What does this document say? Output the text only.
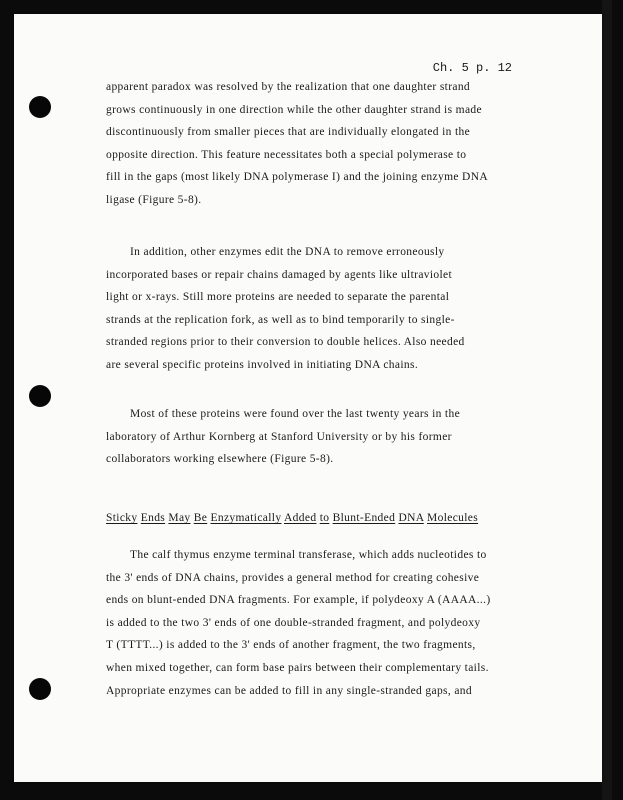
Ch. 5 p. 12

apparent paradox was resolved by the realization that one daughter strand
grows continuously in one direction while the other daughter strand is made
discontinuously from smaller pieces that are individually elongated in the
opposite direction. This feature necessitates both a special polymerase to
fill in the gaps (most likely DNA polymerase I) and the joining enzyme DNA
ligase (Figure 5-8).
In addition, other enzymes edit the DNA to remove erroneously
incorporated bases or repair chains damaged by agents like ultraviolet
light or x-rays. Still more proteins are needed to separate the parental
strands at the replication fork, as well as to bind temporarily to single-
stranded regions prior to their conversion to double helices. Also needed
are several specific proteins involved in initiating DNA chains.
Most of these proteins were found over the last twenty years in the
laboratory of Arthur Kornberg at Stanford University or by his former
collaborators working elsewhere (Figure 5-8).

Sticky Ends May Be Enzymatically Added to Blunt-Ended DNA Molecules

The calf thymus enzyme terminal transferase, which adds nucleotides to
the 3' ends of DNA chains, provides a general method for creating cohesive
ends on blunt-ended DNA fragments. For example, if polydeoxy A (AAAA...)
is added to the two 3' ends of one double-stranded fragment, and polydeoxy
T (TTTT...) is added to the 3' ends of another fragment, the two fragments,
when mixed together, can form base pairs between their complementary tails.
Appropriate enzymes can be added to fill in any single-stranded gaps, and
